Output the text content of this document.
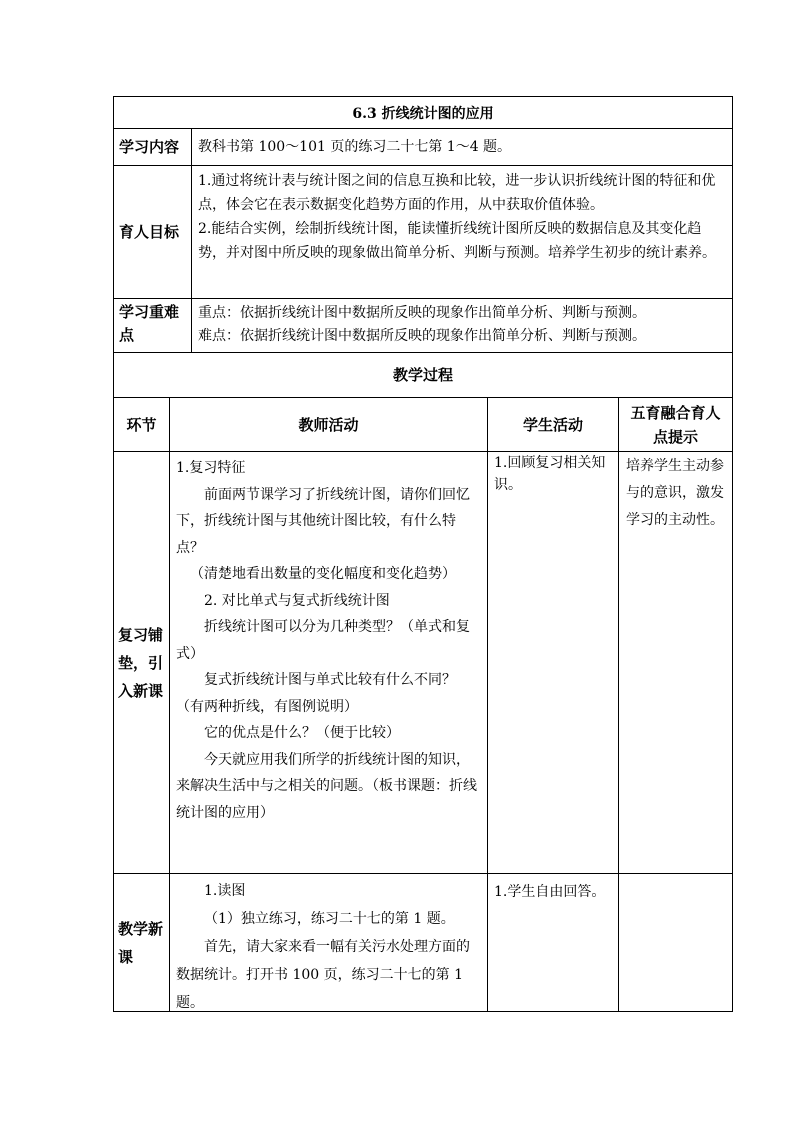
6.3 折线统计图的应用
学习内容 教科书第 100～101 页的练习二十七第 1～4 题。
育人目标

1.通过将统计表与统计图之间的信息互换和比较，进一步认识折线统计图的特征和优点，体会它在表示数据变化趋势方面的作用，从中获取价值体验。

2.能结合实例，绘制折线统计图，能读懂折线统计图所反映的数据信息及其变化趋势，并对图中所反映的现象做出简单分析、判断与预测。培养学生初步的统计素养。

学习重难点

重点：依据折线统计图中数据所反映的现象作出简单分析、判断与预测。

难点：依据折线统计图中数据所反映的现象作出简单分析、判断与预测。

教学过程
环节	教师活动	学生活动
五育融合育人点提示
复习铺垫，引入新课

1.复习特征

前面两节课学习了折线统计图，请你们回忆下，折线统计图与其他统计图比较，有什么特点？

（清楚地看出数量的变化幅度和变化趋势）

2. 对比单式与复式折线统计图

折线统计图可以分为几种类型？（单式和复式）

复式折线统计图与单式比较有什么不同？（有两种折线，有图例说明）

它的优点是什么？（便于比较）

今天就应用我们所学的折线统计图的知识，来解决生活中与之相关的问题。（板书课题：折线统计图的应用）

1.回顾复习相关知识。
培养学生主动参与的意识，激发学习的主动性。
教学新课

1.读图

（1）独立练习，练习二十七的第 1 题。

首先，请大家来看一幅有关污水处理方面的数据统计。打开书 100 页，练习二十七的第 1 题。

1.学生自由回答。
